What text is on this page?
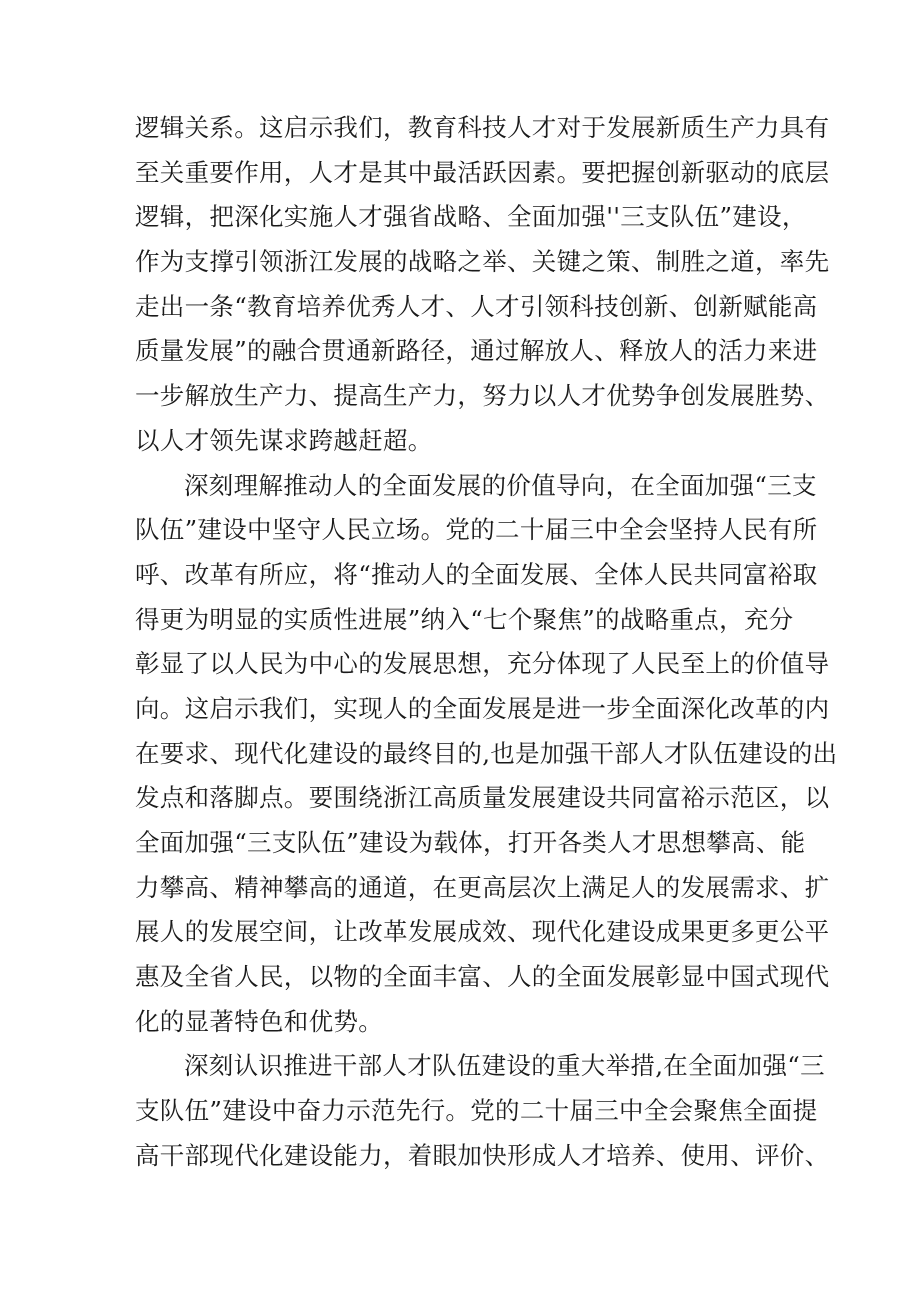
逻辑关系。这启示我们，教育科技人才对于发展新质生产力具有
至关重要作用，人才是其中最活跃因素。要把握创新驱动的底层
逻辑，把深化实施人才强省战略、全面加强''三支队伍”建设，
作为支撑引领浙江发展的战略之举、关键之策、制胜之道，率先
走出一条“教育培养优秀人才、人才引领科技创新、创新赋能高
质量发展”的融合贯通新路径，通过解放人、释放人的活力来进
一步解放生产力、提高生产力，努力以人才优势争创发展胜势、
以人才领先谋求跨越赶超。
深刻理解推动人的全面发展的价值导向，在全面加强“三支
队伍”建设中坚守人民立场。党的二十届三中全会坚持人民有所
呼、改革有所应，将“推动人的全面发展、全体人民共同富裕取
得更为明显的实质性进展”纳入“七个聚焦”的战略重点，充分
彰显了以人民为中心的发展思想，充分体现了人民至上的价值导
向。这启示我们，实现人的全面发展是进一步全面深化改革的内
在要求、现代化建设的最终目的,也是加强干部人才队伍建设的出
发点和落脚点。要围绕浙江高质量发展建设共同富裕示范区，以
全面加强“三支队伍”建设为载体，打开各类人才思想攀高、能
力攀高、精神攀高的通道，在更高层次上满足人的发展需求、扩
展人的发展空间，让改革发展成效、现代化建设成果更多更公平
惠及全省人民，以物的全面丰富、人的全面发展彰显中国式现代
化的显著特色和优势。
深刻认识推进干部人才队伍建设的重大举措,在全面加强“三
支队伍”建设中奋力示范先行。党的二十届三中全会聚焦全面提
高干部现代化建设能力，着眼加快形成人才培养、使用、评价、
